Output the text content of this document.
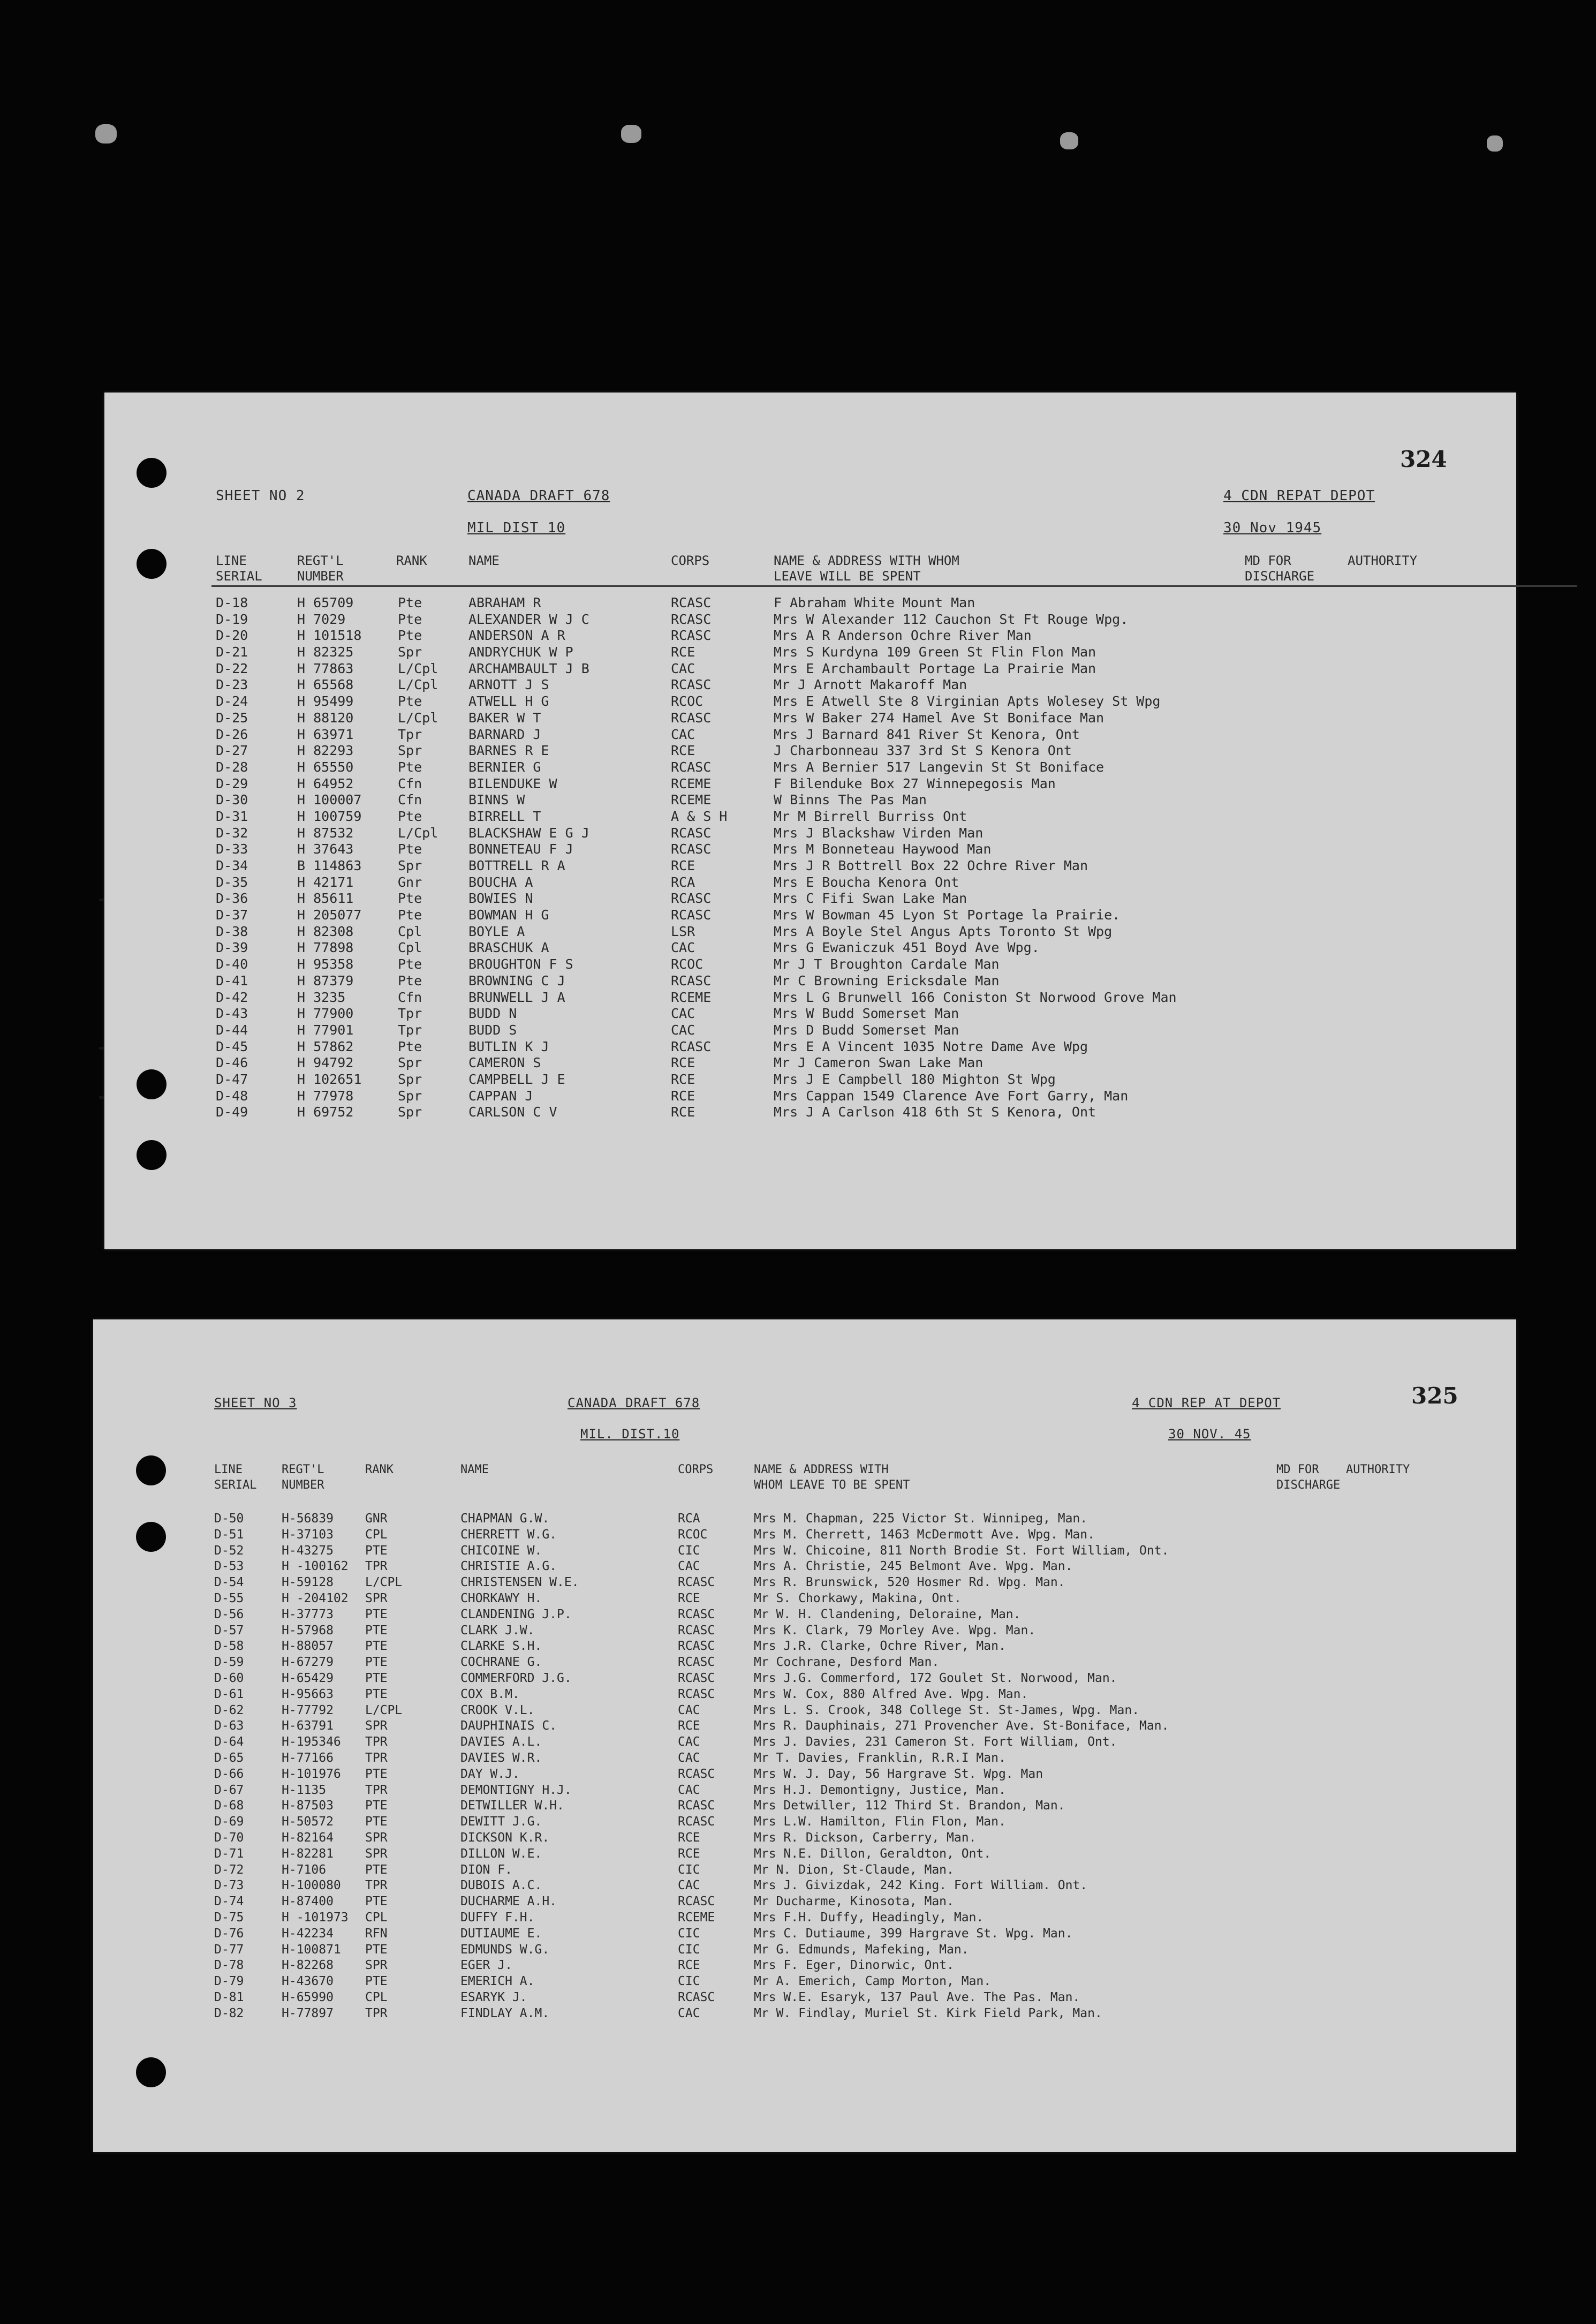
324
SHEET NO 2	CANADA DRAFT 678
MIL DIST 10
4 CDN REPAT DEPOT
30 Nov 1945
LINE
SERIAL
REGT'L
NUMBER
RANK	NAME	CORPS	NAME & ADDRESS WITH WHOM
LEAVE WILL BE SPENT
MD FOR
DISCHARGE
AUTHORITY
D-18	H 65709	Pte	ABRAHAM R	RCASC	F Abraham White Mount Man
D-19	H 7029	Pte	ALEXANDER W J C	RCASC	Mrs W Alexander 112 Cauchon St Ft Rouge Wpg.
D-20	H 101518	Pte	ANDERSON A R	RCASC	Mrs A R Anderson Ochre River Man
D-21	H 82325	Spr	ANDRYCHUK W P	RCE	Mrs S Kurdyna 109 Green St Flin Flon Man
D-22	H 77863	L/Cpl ARCHAMBAULT J B	CAC	Mrs E Archambault Portage La Prairie Man
D-23	H 65568	L/Cpl ARNOTT J S	RCASC	Mr J Arnott Makaroff Man
D-24	H 95499	Pte	ATWELL H G	RCOC	Mrs E Atwell Ste 8 Virginian Apts Wolesey St Wpg
D-25	H 88120	L/Cpl BAKER W T	RCASC	Mrs W Baker 274 Hamel Ave St Boniface Man
D-26	H 63971	Tpr	BARNARD J	CAC	Mrs J Barnard 841 River St Kenora, Ont
D-27	H 82293	Spr	BARNES R E	RCE	J Charbonneau 337 3rd St S Kenora Ont
D-28	H 65550	Pte	BERNIER G	RCASC	Mrs A Bernier 517 Langevin St St Boniface
D-29	H 64952	Cfn	BILENDUKE W	RCEME	F Bilenduke Box 27 Winnepegosis Man
D-30	H 100007	Cfn	BINNS W	RCEME	W Binns The Pas Man
D-31	H 100759	Pte	BIRRELL T	A & S H	Mr M Birrell Burriss Ont
D-32	H 87532	L/Cpl BLACKSHAW E G J	RCASC	Mrs J Blackshaw Virden Man
D-33	H 37643	Pte	BONNETEAU F J	RCASC	Mrs M Bonneteau Haywood Man
D-34	B 114863	Spr	BOTTRELL R A	RCE	Mrs J R Bottrell Box 22 Ochre River Man
D-35	H 42171	Gnr	BOUCHA A	RCA	Mrs E Boucha Kenora Ont
D-36	H 85611	Pte	BOWIES N	RCASC	Mrs C Fifi Swan Lake Man
D-37	H 205077	Pte	BOWMAN H G	RCASC	Mrs W Bowman 45 Lyon St Portage la Prairie.
D-38	H 82308	Cpl	BOYLE A	LSR	Mrs A Boyle Stel Angus Apts Toronto St Wpg
D-39	H 77898	Cpl	BRASCHUK A	CAC	Mrs G Ewaniczuk 451 Boyd Ave Wpg.
D-40	H 95358	Pte	BROUGHTON F S	RCOC	Mr J T Broughton Cardale Man
D-41	H 87379	Pte	BROWNING C J	RCASC	Mr C Browning Ericksdale Man
D-42	H 3235	Cfn	BRUNWELL J A	RCEME	Mrs L G Brunwell 166 Coniston St Norwood Grove Man
D-43	H 77900	Tpr	BUDD N	CAC	Mrs W Budd Somerset Man
D-44	H 77901	Tpr	BUDD S	CAC	Mrs D Budd Somerset Man
D-45	H 57862	Pte	BUTLIN K J	RCASC	Mrs E A Vincent 1035 Notre Dame Ave Wpg
D-46	H 94792	Spr	CAMERON S	RCE	Mr J Cameron Swan Lake Man
D-47	H 102651	Spr	CAMPBELL J E	RCE	Mrs J E Campbell 180 Mighton St Wpg
D-48	H 77978	Spr	CAPPAN J	RCE	Mrs Cappan 1549 Clarence Ave Fort Garry, Man
D-49	H 69752	Spr	CARLSON C V	RCE	Mrs J A Carlson 418 6th St S Kenora, Ont
325
SHEET NO 3	CANADA DRAFT 678
MIL. DIST.10
4 CDN REP AT DEPOT
30 NOV. 45
LINE
SERIAL
REGT'L
NUMBER
RANK	NAME	CORPS	NAME & ADDRESS WITH
WHOM LEAVE TO BE SPENT
MD FOR
DISCHARGE
AUTHORITY
D-50	H-56839	GNR	CHAPMAN G.W.	RCA	Mrs M. Chapman, 225 Victor St. Winnipeg, Man.
D-51	H-37103	CPL	CHERRETT W.G.	RCOC	Mrs M. Cherrett, 1463 McDermott Ave. Wpg. Man.
D-52	H-43275	PTE	CHICOINE W.	CIC	Mrs W. Chicoine, 811 North Brodie St. Fort William, Ont.
D-53	H -100162 TPR	CHRISTIE A.G.	CAC	Mrs A. Christie, 245 Belmont Ave. Wpg. Man.
D-54	H-59128	L/CPL	CHRISTENSEN W.E.	RCASC	Mrs R. Brunswick, 520 Hosmer Rd. Wpg. Man.
D-55	H -204102 SPR	CHORKAWY H.	RCE	Mr S. Chorkawy, Makina, Ont.
D-56	H-37773	PTE	CLANDENING J.P.	RCASC	Mr W. H. Clandening, Deloraine, Man.
D-57	H-57968	PTE	CLARK J.W.	RCASC	Mrs K. Clark, 79 Morley Ave. Wpg. Man.
D-58	H-88057	PTE	CLARKE S.H.	RCASC	Mrs J.R. Clarke, Ochre River, Man.
D-59	H-67279	PTE	COCHRANE G.	RCASC	Mr Cochrane, Desford Man.
D-60	H-65429	PTE	COMMERFORD J.G.	RCASC	Mrs J.G. Commerford, 172 Goulet St. Norwood, Man.
D-61	H-95663	PTE	COX B.M.	RCASC	Mrs W. Cox, 880 Alfred Ave. Wpg. Man.
D-62	H-77792	L/CPL	CROOK V.L.	CAC	Mrs L. S. Crook, 348 College St. St-James, Wpg. Man.
D-63	H-63791	SPR	DAUPHINAIS C.	RCE	Mrs R. Dauphinais, 271 Provencher Ave. St-Boniface, Man.
D-64	H-195346 TPR	DAVIES A.L.	CAC	Mrs J. Davies, 231 Cameron St. Fort William, Ont.
D-65	H-77166	TPR	DAVIES W.R.	CAC	Mr T. Davies, Franklin, R.R.I Man.
D-66	H-101976 PTE	DAY W.J.	RCASC	Mrs W. J. Day, 56 Hargrave St. Wpg. Man
D-67	H-1135	TPR	DEMONTIGNY H.J.	CAC	Mrs H.J. Demontigny, Justice, Man.
D-68	H-87503	PTE	DETWILLER W.H.	RCASC	Mrs Detwiller, 112 Third St. Brandon, Man.
D-69	H-50572	PTE	DEWITT J.G.	RCASC	Mrs L.W. Hamilton, Flin Flon, Man.
D-70	H-82164	SPR	DICKSON K.R.	RCE	Mrs R. Dickson, Carberry, Man.
D-71	H-82281	SPR	DILLON W.E.	RCE	Mrs N.E. Dillon, Geraldton, Ont.
D-72	H-7106	PTE	DION F.	CIC	Mr N. Dion, St-Claude, Man.
D-73	H-100080 TPR	DUBOIS A.C.	CAC	Mrs J. Givizdak, 242 King. Fort William. Ont.
D-74	H-87400	PTE	DUCHARME A.H.	RCASC	Mr Ducharme, Kinosota, Man.
D-75	H -101973 CPL	DUFFY F.H.	RCEME	Mrs F.H. Duffy, Headingly, Man.
D-76	H-42234	RFN	DUTIAUME E.	CIC	Mrs C. Dutiaume, 399 Hargrave St. Wpg. Man.
D-77	H-100871 PTE	EDMUNDS W.G.	CIC	Mr G. Edmunds, Mafeking, Man.
D-78	H-82268	SPR	EGER J.	RCE	Mrs F. Eger, Dinorwic, Ont.
D-79	H-43670	PTE	EMERICH A.	CIC	Mr A. Emerich, Camp Morton, Man.
D-81	H-65990	CPL	ESARYK J.	RCASC	Mrs W.E. Esaryk, 137 Paul Ave. The Pas. Man.
D-82	H-77897	TPR	FINDLAY A.M.	CAC	Mr W. Findlay, Muriel St. Kirk Field Park, Man.
